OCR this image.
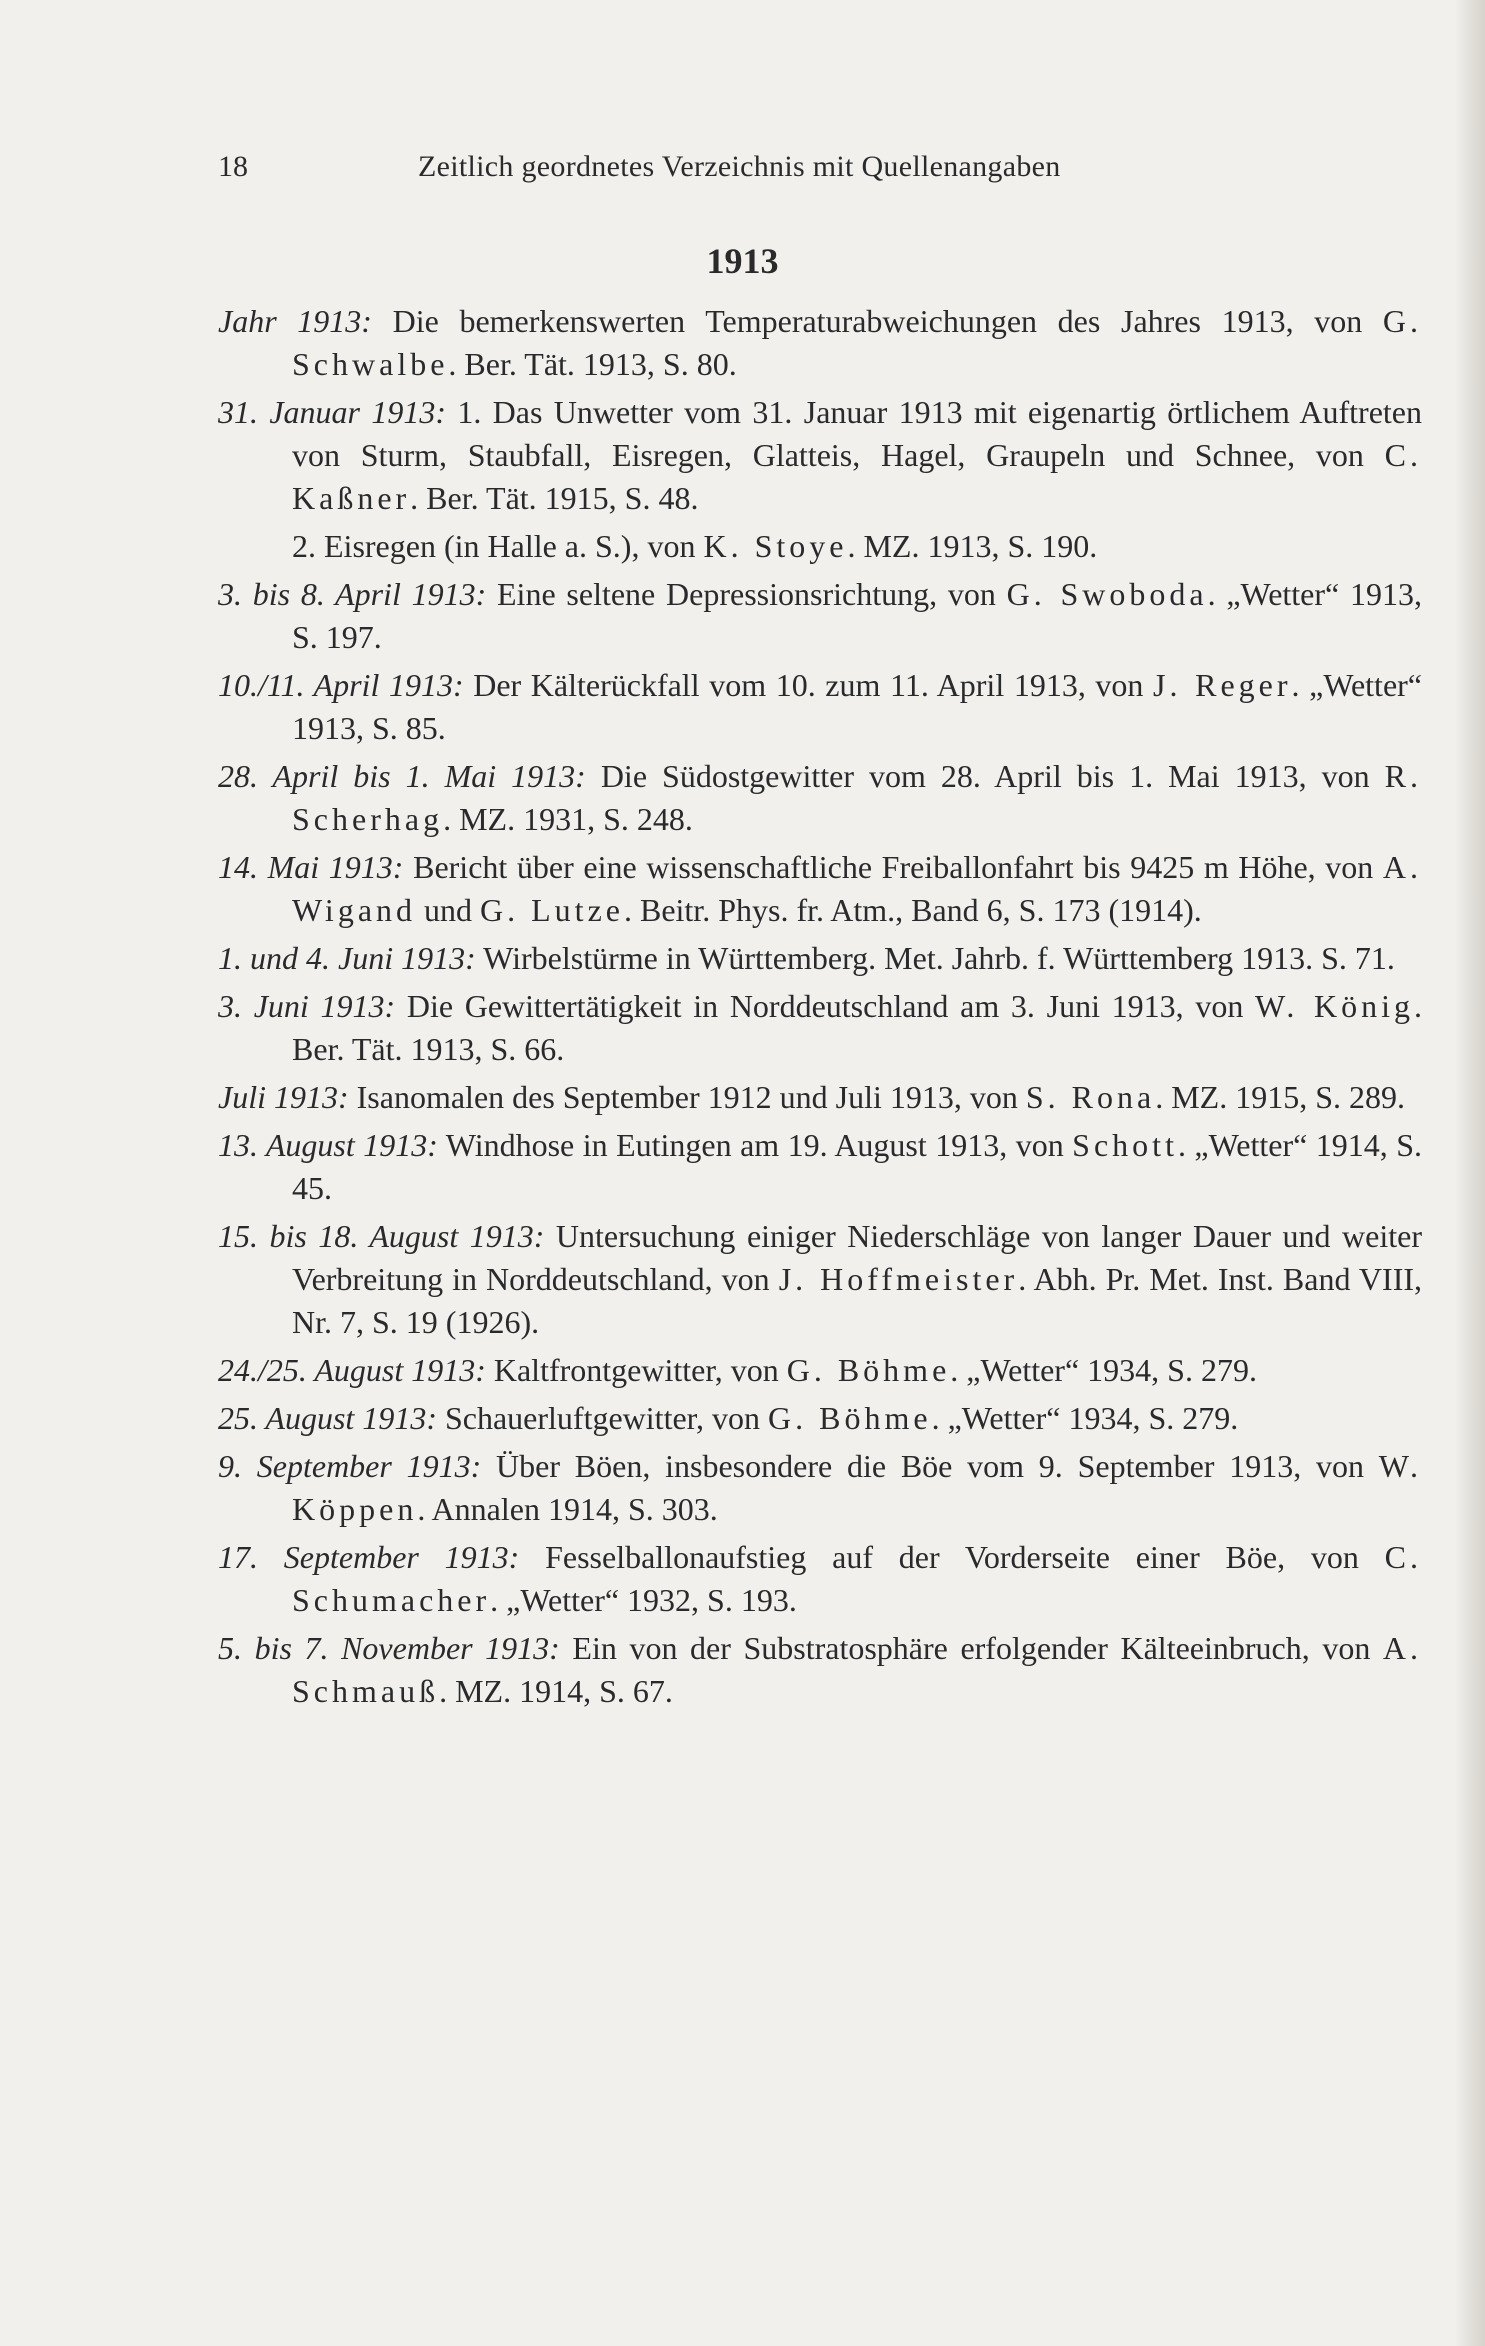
18	Zeitlich geordnetes Verzeichnis mit Quellenangaben
1913

Jahr 1913: Die bemerkenswerten Temperaturabweichungen des Jahres 1913, von G. Schwalbe. Ber. Tät. 1913, S. 80.

31. Januar 1913: 1. Das Unwetter vom 31. Januar 1913 mit eigenartig örtlichem Auftreten von Sturm, Staubfall, Eisregen, Glatteis, Hagel, Graupeln und Schnee, von C. Kaßner. Ber. Tät. 1915, S. 48.

2. Eisregen (in Halle a. S.), von K. Stoye. MZ. 1913, S. 190.

3. bis 8. April 1913: Eine seltene Depressionsrichtung, von G. Swoboda. „Wetter“ 1913, S. 197.

10./11. April 1913: Der Kälterückfall vom 10. zum 11. April 1913, von J. Reger. „Wetter“ 1913, S. 85.

28. April bis 1. Mai 1913: Die Südostgewitter vom 28. April bis 1. Mai 1913, von R. Scherhag. MZ. 1931, S. 248.

14. Mai 1913: Bericht über eine wissenschaftliche Freiballonfahrt bis 9425 m Höhe, von A. Wigand und G. Lutze. Beitr. Phys. fr. Atm., Band 6, S. 173 (1914).

1. und 4. Juni 1913: Wirbelstürme in Württemberg. Met. Jahrb. f. Württemberg 1913. S. 71.

3. Juni 1913: Die Gewittertätigkeit in Norddeutschland am 3. Juni 1913, von W. König. Ber. Tät. 1913, S. 66.

Juli 1913: Isanomalen des September 1912 und Juli 1913, von S. Rona. MZ. 1915, S. 289.

13. August 1913: Windhose in Eutingen am 19. August 1913, von Schott. „Wetter“ 1914, S. 45.

15. bis 18. August 1913: Untersuchung einiger Niederschläge von langer Dauer und weiter Verbreitung in Norddeutschland, von J. Hoffmeister. Abh. Pr. Met. Inst. Band VIII, Nr. 7, S. 19 (1926).

24./25. August 1913: Kaltfrontgewitter, von G. Böhme. „Wetter“ 1934, S. 279.

25. August 1913: Schauerluftgewitter, von G. Böhme. „Wetter“ 1934, S. 279.

9. September 1913: Über Böen, insbesondere die Böe vom 9. September 1913, von W. Köppen. Annalen 1914, S. 303.

17. September 1913: Fesselballonaufstieg auf der Vorderseite einer Böe, von C. Schumacher. „Wetter“ 1932, S. 193.

5. bis 7. November 1913: Ein von der Substratosphäre erfolgender Kälteeinbruch, von A. Schmauß. MZ. 1914, S. 67.
